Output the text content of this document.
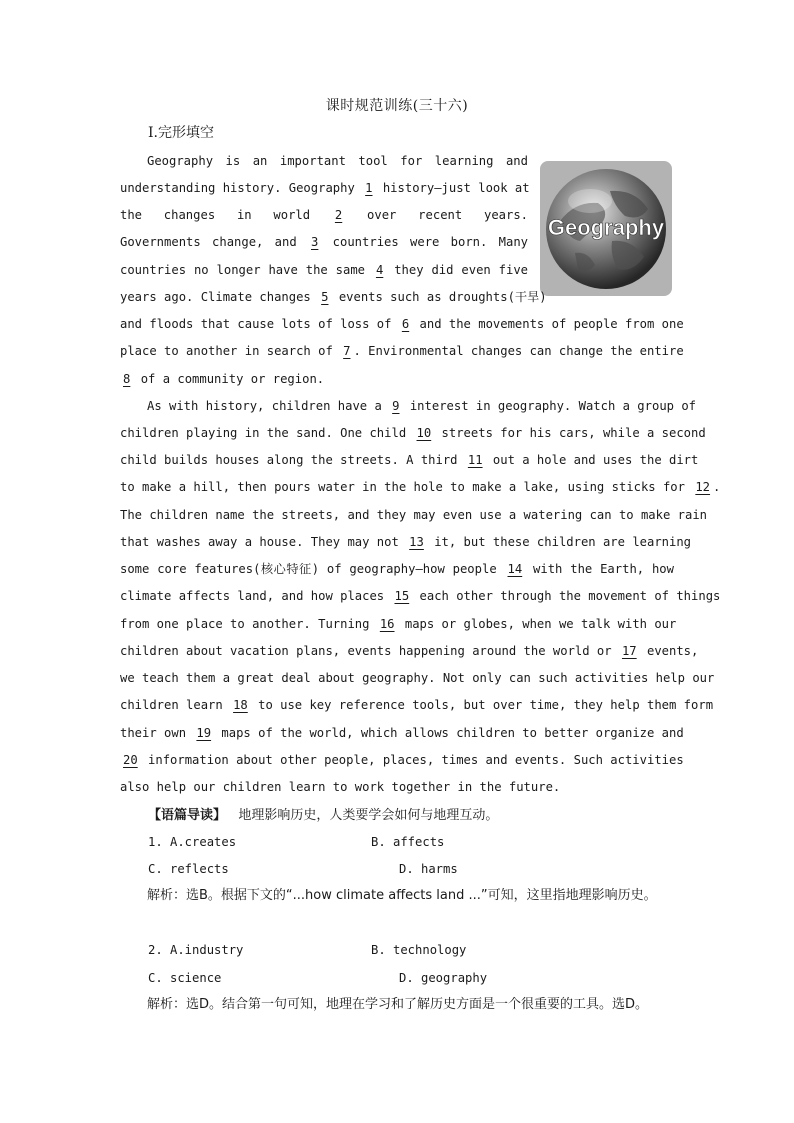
课时规范训练(三十六)
Ⅰ.完形填空
Geography
Geography is an important tool for learning and
understanding history. Geography 1 history—just look at
the changes in world 2 over recent years.
Governments change, and 3 countries were born. Many
countries no longer have the same 4 they did even five
years ago. Climate changes 5 events such as droughts(干旱)
and floods that cause lots of loss of 6 and the movements of people from one
place to another in search of 7 . Environmental changes can change the entire
8 of a community or region.
As with history, children have a 9 interest in geography. Watch a group of
children playing in the sand. One child 10 streets for his cars, while a second
child builds houses along the streets. A third 11 out a hole and uses the dirt
to make a hill, then pours water in the hole to make a lake, using sticks for 12 .
The children name the streets, and they may even use a watering can to make rain
that washes away a house. They may not 13 it, but these children are learning
some core features(核心特征) of geography—how people 14 with the Earth, how
climate affects land, and how places 15 each other through the movement of things
from one place to another. Turning 16 maps or globes, when we talk with our
children about vacation plans, events happening around the world or 17 events,
we teach them a great deal about geography. Not only can such activities help our
children learn 18 to use key reference tools, but over time, they help them form
their own 19 maps of the world, which allows children to better organize and
20 information about other people, places, times and events. Such activities
also help our children learn to work together in the future.
【语篇导读】 地理影响历史，人类要学会如何与地理互动。
1. A.creates	B. affects
C. reflects	D. harms
解析：选B。根据下文的“...how climate affects land ...”可知，这里指地理影响历史。
2. A.industry	B. technology
C. science	D. geography
解析：选D。结合第一句可知，地理在学习和了解历史方面是一个很重要的工具。选D。
